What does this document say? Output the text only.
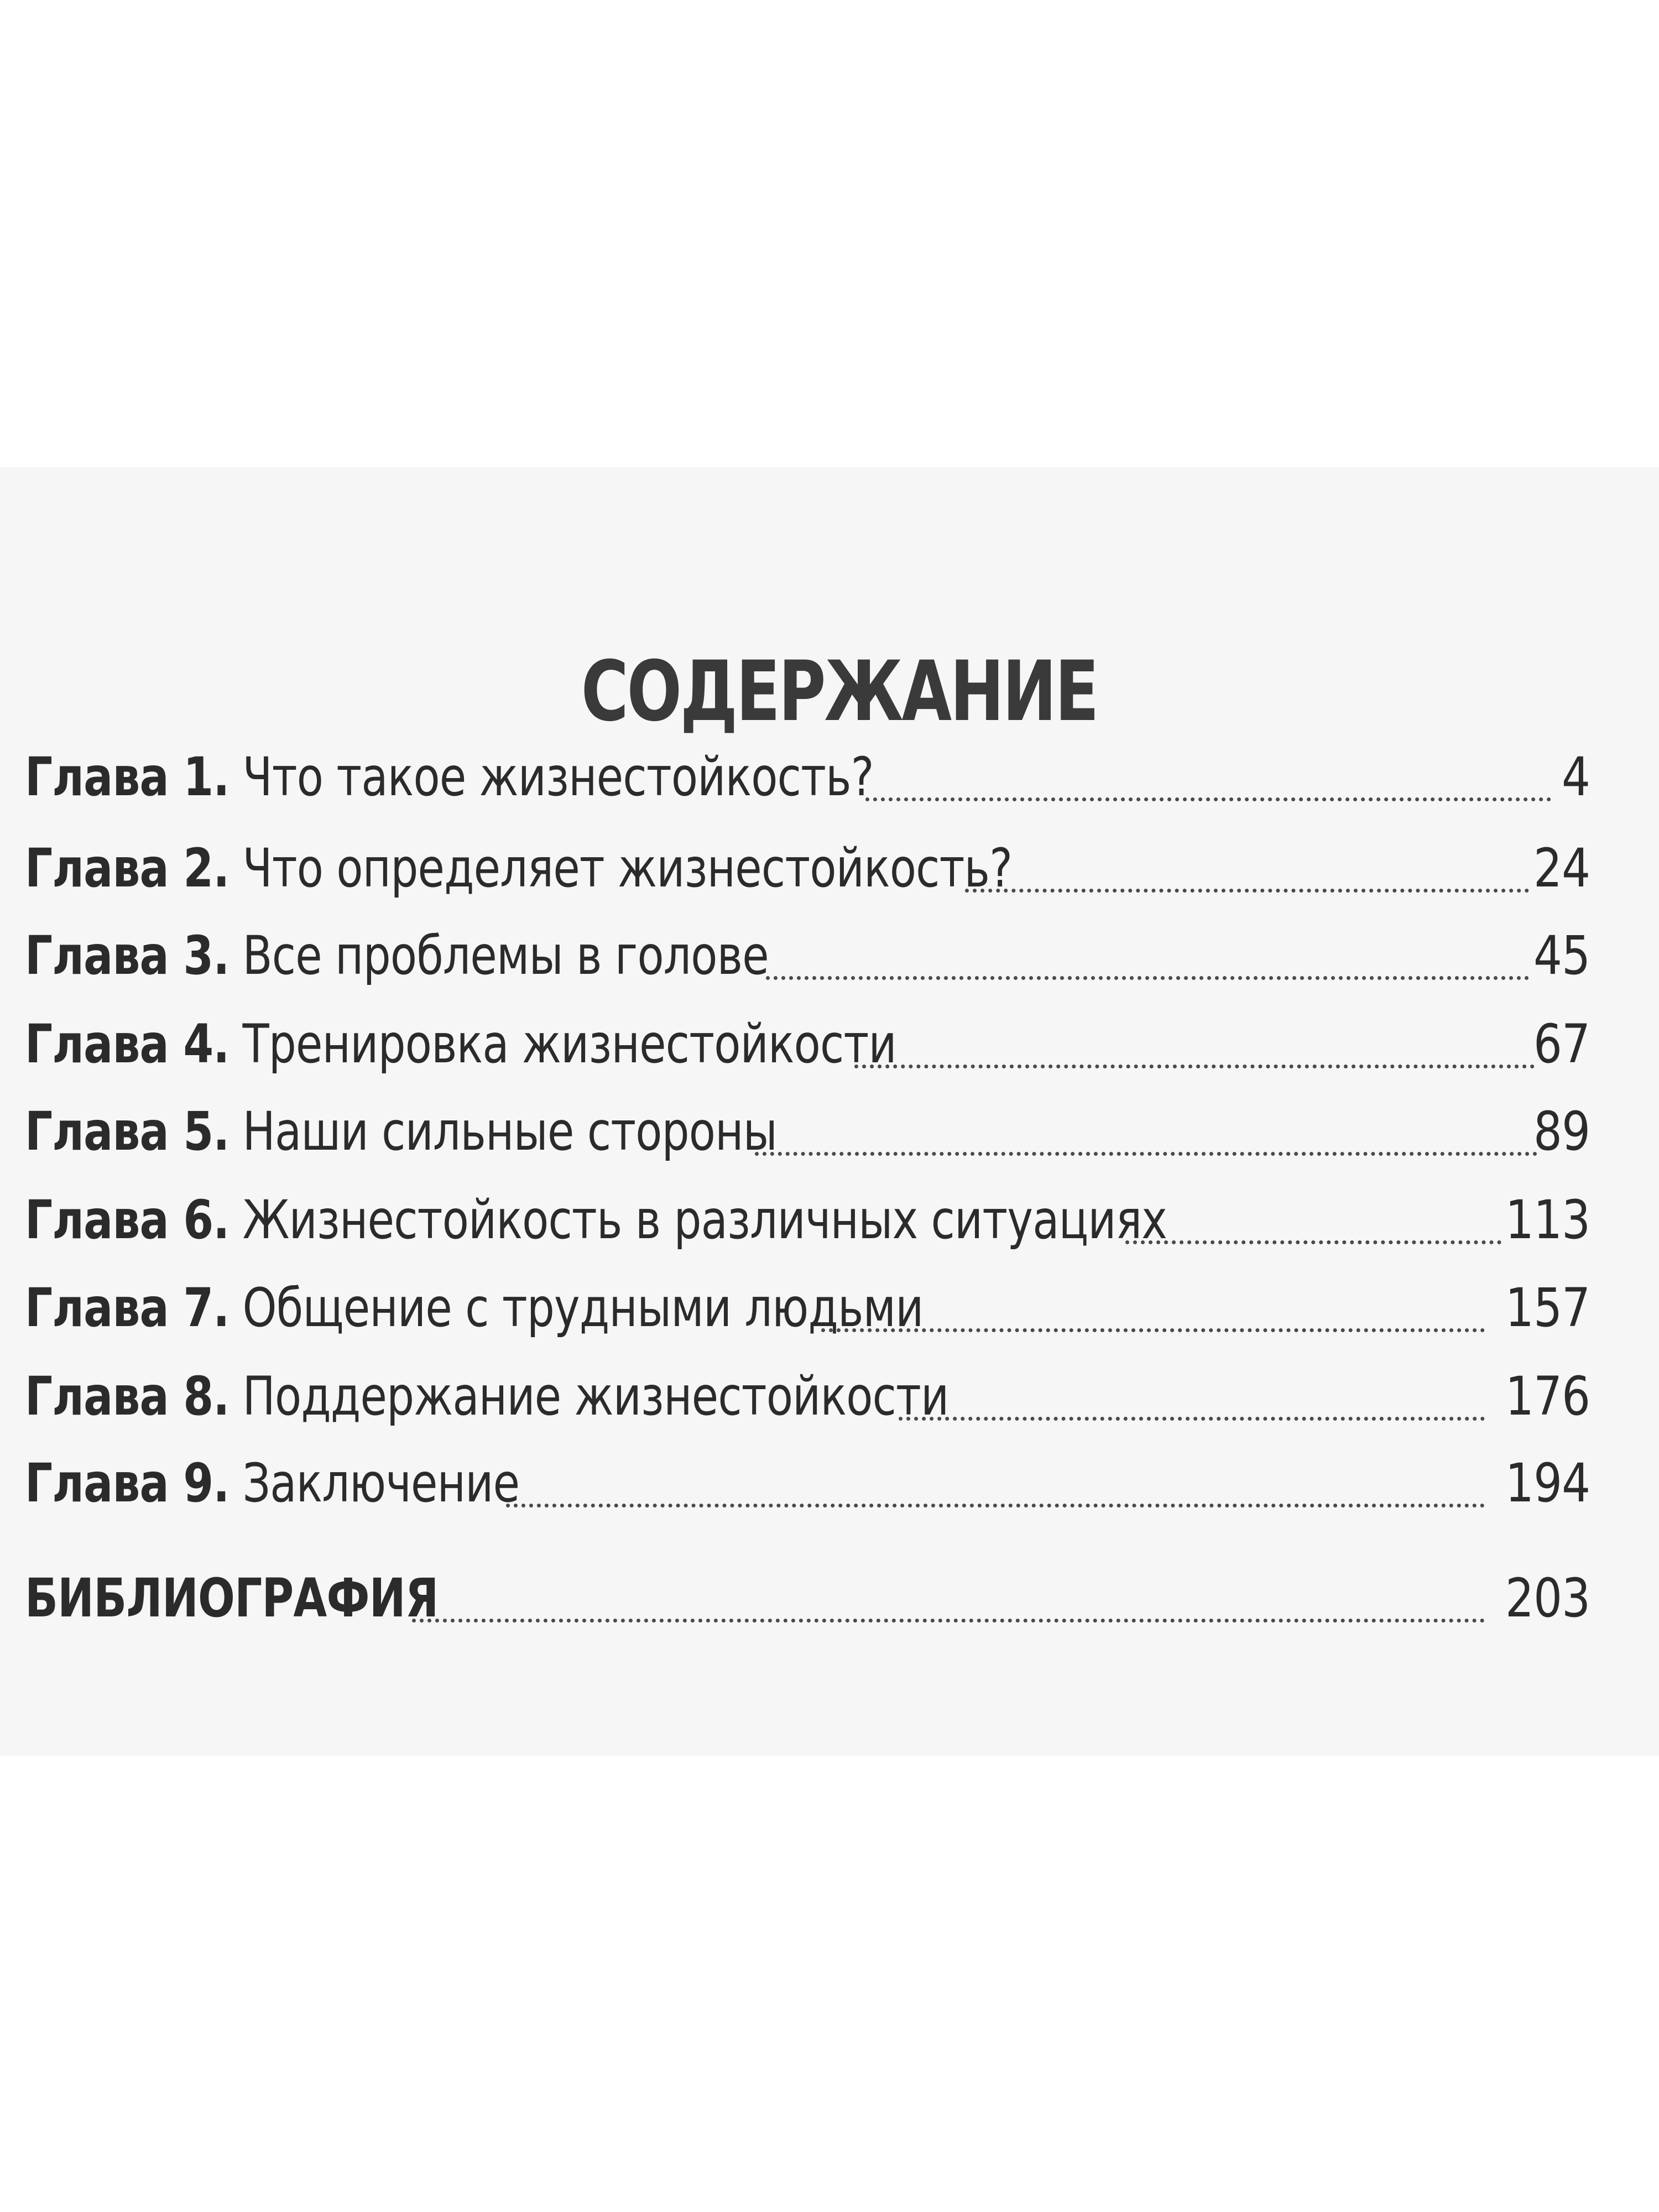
СОДЕРЖАНИЕ
Глава 1. Что такое жизнестойкость?	4
Глава 2. Что определяет жизнестойкость?	24
Глава 3. Все проблемы в голове	45
Глава 4. Тренировка жизнестойкости	67
Глава 5. Наши сильные стороны	89
Глава 6. Жизнестойкость в различных ситуациях	113
Глава 7. Общение с трудными людьми	157
Глава 8. Поддержание жизнестойкости	176
Глава 9. Заключение	194
БИБЛИОГРАФИЯ	203
